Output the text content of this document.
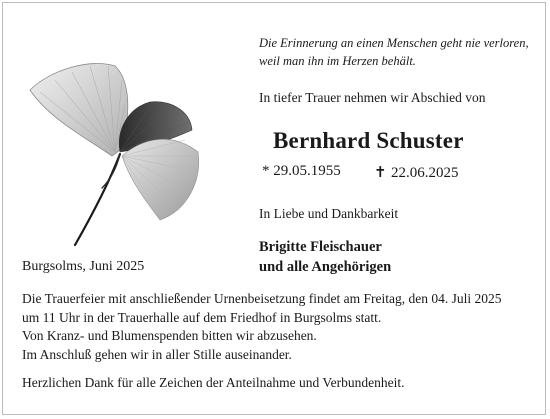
Die Erinnerung an einen Menschen geht nie verloren,
weil man ihn im Herzen behält.
In tiefer Trauer nehmen wir Abschied von
Bernhard Schuster
* 29.05.1955 ✝ 22.06.2025
In Liebe und Dankbarkeit
Brigitte Fleischauer
und alle Angehörigen
Burgsolms, Juni 2025
Die Trauerfeier mit anschließender Urnenbeisetzung findet am Freitag, den 04. Juli 2025
um 11 Uhr in der Trauerhalle auf dem Friedhof in Burgsolms statt.
Von Kranz- und Blumenspenden bitten wir abzusehen.
Im Anschluß gehen wir in aller Stille auseinander.
Herzlichen Dank für alle Zeichen der Anteilnahme und Verbundenheit.
